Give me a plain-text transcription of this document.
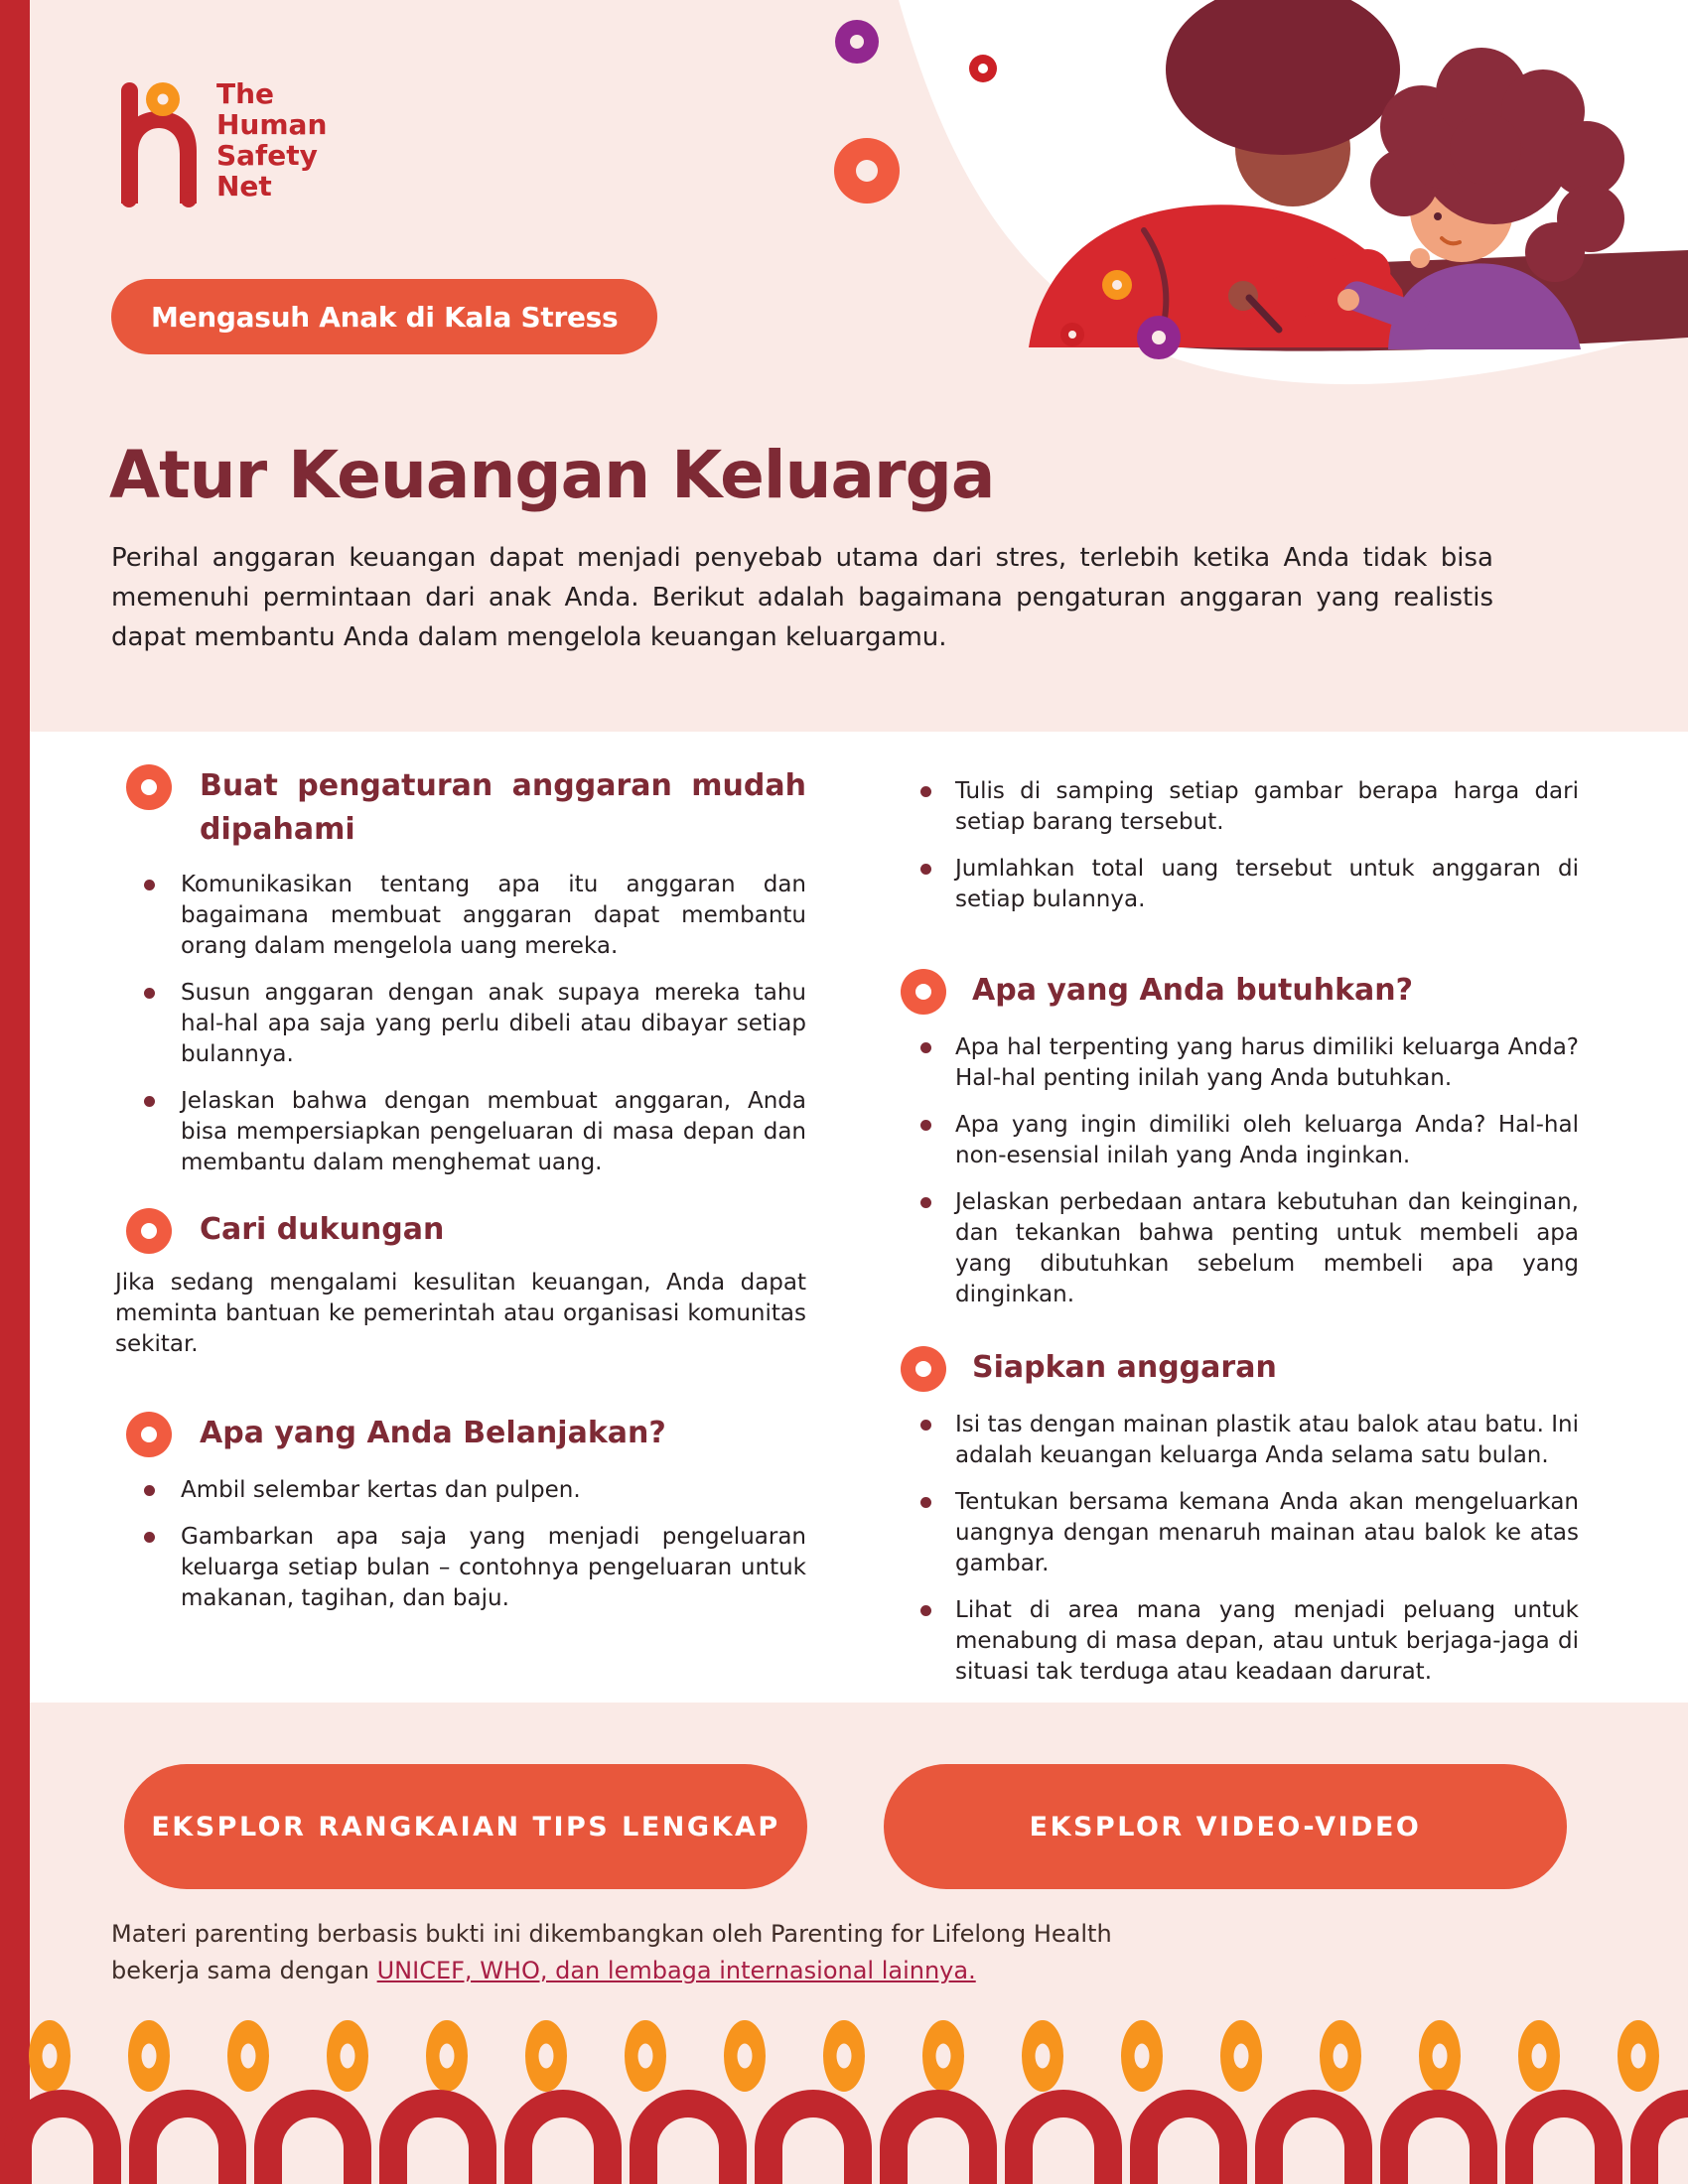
The
Human
Safety
Net
Mengasuh Anak di Kala Stress
Atur Keuangan Keluarga

Perihal anggaran keuangan dapat menjadi penyebab utama dari stres, terlebih ketika Anda tidak bisa memenuhi permintaan dari anak Anda. Berikut adalah bagaimana pengaturan anggaran yang realistis dapat membantu Anda dalam mengelola keuangan keluargamu.

Buat pengaturan anggaran mudah dipahami
Komunikasikan tentang apa itu anggaran dan bagaimana membuat anggaran dapat membantu orang dalam mengelola uang mereka.
Susun anggaran dengan anak supaya mereka tahu hal-hal apa saja yang perlu dibeli atau dibayar setiap bulannya.
Jelaskan bahwa dengan membuat anggaran, Anda bisa mempersiapkan pengeluaran di masa depan dan membantu dalam menghemat uang.
Cari dukungan

Jika sedang mengalami kesulitan keuangan, Anda dapat meminta bantuan ke pemerintah atau organisasi komunitas sekitar.

Apa yang Anda Belanjakan?
Ambil selembar kertas dan pulpen.
Gambarkan apa saja yang menjadi pengeluaran keluarga setiap bulan – contohnya pengeluaran untuk makanan, tagihan, dan baju.
Tulis di samping setiap gambar berapa harga dari setiap barang tersebut.
Jumlahkan total uang tersebut untuk anggaran di setiap bulannya.
Apa yang Anda butuhkan?
Apa hal terpenting yang harus dimiliki keluarga Anda? Hal-hal penting inilah yang Anda butuhkan.
Apa yang ingin dimiliki oleh keluarga Anda? Hal-hal non-esensial inilah yang Anda inginkan.
Jelaskan perbedaan antara kebutuhan dan keinginan, dan tekankan bahwa penting untuk membeli apa yang dibutuhkan sebelum membeli apa yang dinginkan.
Siapkan anggaran
Isi tas dengan mainan plastik atau balok atau batu. Ini adalah keuangan keluarga Anda selama satu bulan.
Tentukan bersama kemana Anda akan mengeluarkan uangnya dengan menaruh mainan atau balok ke atas gambar.
Lihat di area mana yang menjadi peluang untuk menabung di masa depan, atau untuk berjaga-jaga di situasi tak terduga atau keadaan darurat.
EKSPLOR RANGKAIAN TIPS LENGKAP	EKSPLOR VIDEO-VIDEO
Materi parenting berbasis bukti ini dikembangkan oleh Parenting for Lifelong Health
bekerja sama dengan UNICEF, WHO, dan lembaga internasional lainnya.
